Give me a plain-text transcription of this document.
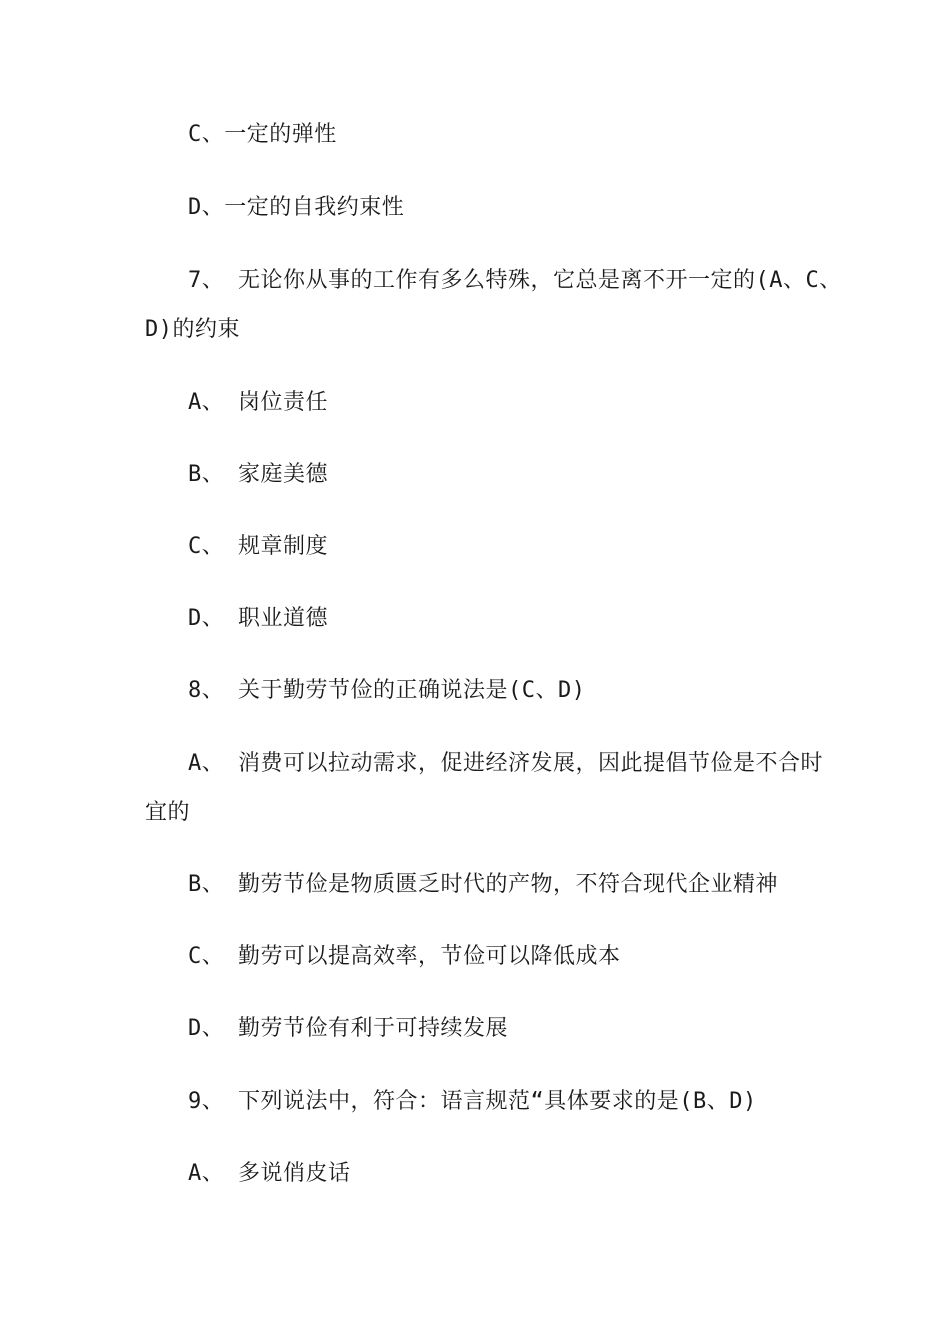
C、一定的弹性
D、一定的自我约束性
7、 无论你从事的工作有多么特殊，它总是离不开一定的(A、C、
D)的约束
A、 岗位责任
B、 家庭美德
C、 规章制度
D、 职业道德
8、 关于勤劳节俭的正确说法是(C、D)
A、 消费可以拉动需求，促进经济发展，因此提倡节俭是不合时
宜的
B、 勤劳节俭是物质匮乏时代的产物，不符合现代企业精神
C、 勤劳可以提高效率，节俭可以降低成本
D、 勤劳节俭有利于可持续发展
9、 下列说法中，符合：语言规范“具体要求的是(B、D)
A、 多说俏皮话
